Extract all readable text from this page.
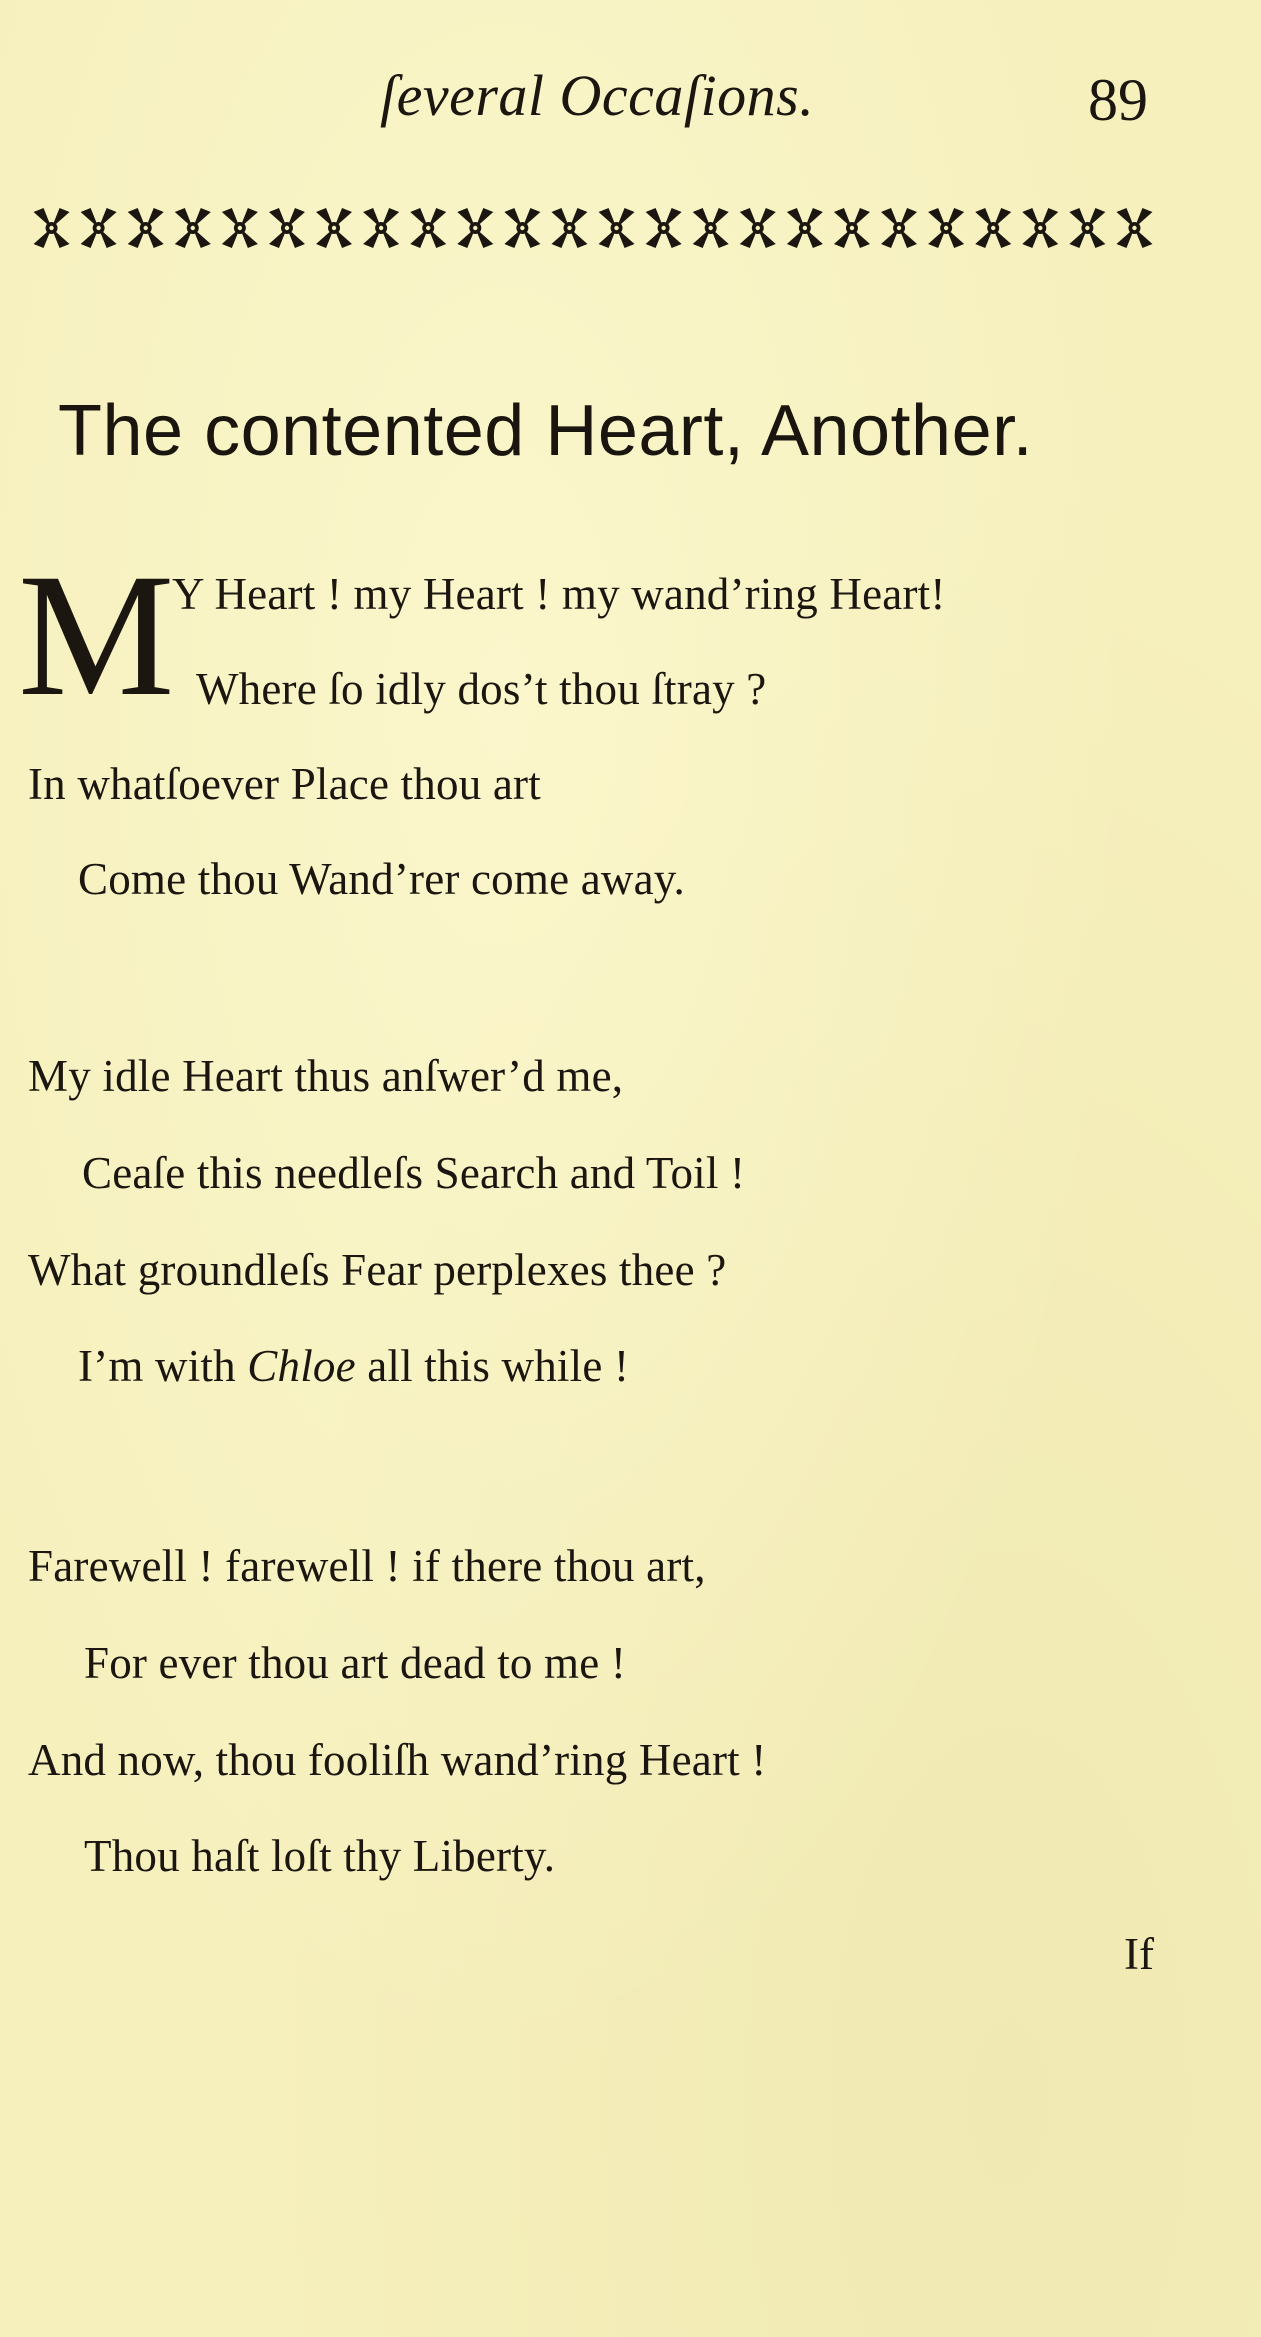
ſeveral Occaſions.	89
The contented Heart, Another.
M
Y Heart ! my Heart ! my wand’ring Heart!
Where ſo idly dos’t thou ſtray ?
In whatſoever Place thou art
Come thou Wand’rer come away.
My idle Heart thus anſwer’d me,
Ceaſe this needleſs Search and Toil !
What groundleſs Fear perplexes thee ?
I’m with Chloe all this while !
Farewell ! farewell ! if there thou art,
For ever thou art dead to me !
And now, thou fooliſh wand’ring Heart !
Thou haſt loſt thy Liberty.
If
